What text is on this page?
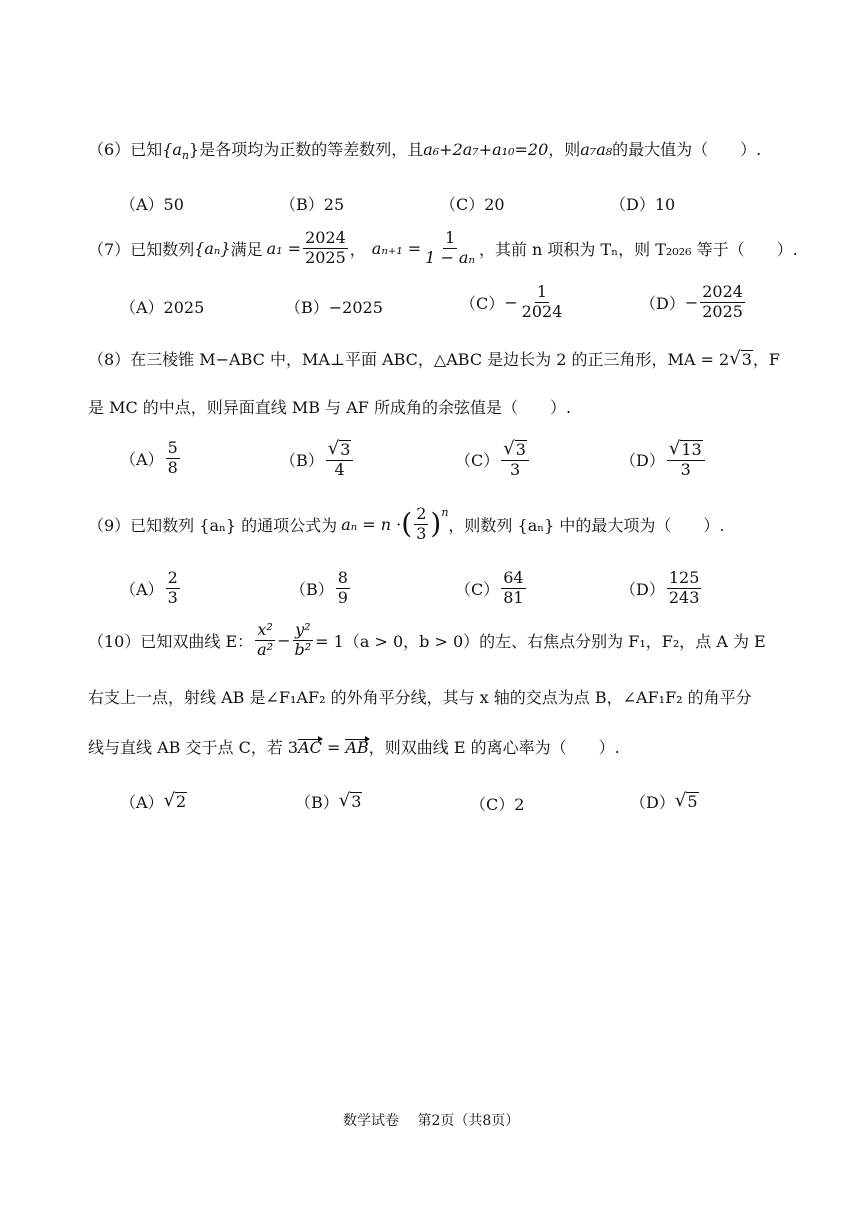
（6）已知$\{a_n\}$是各项均为正数的等差数列，且a₆+2a₇+a₁₀=20，则a₇a₈的最大值为（　　）.
（A）50	（B）25	（C）20	（D）10
（7） 已知数列 {aₙ} 满足 $a_1 = \frac{2024}{2025}$ ， $a_{n+1} = \frac{1}{\text{1 − aₙ}}$ ，其前 n 项积为 Tₙ，则 T₂₀₂₆ 等于（　　）.
（A）2025	（B）−2025	$(C) - \frac{1}{2024}$	$(D) - \frac{2024}{2025}$
（8）在三棱锥 M−ABC 中，MA⊥平面 ABC，△ABC 是边长为 2 的正三角形，MA = 2 √ 3 ，F
是 MC 的中点，则异面直线 MB 与 AF 所成角的余弦值是（　　）.
$(A) \frac{5}{8}$	$(B) \frac{√ 3}{4}$	$(C) \frac{√ 3}{3}$	$(D) \frac{√ 13}{3}$
（9）已知数列 {aₙ} 的通项公式为 aₙ = n · ( $\frac{2}{3} )^n$
，则数列 {aₙ} 中的最大项为（　　）.
$(A) \frac{2}{3}$	$(B) \frac{8}{9}$	$(C) \frac{64}{81}$	$(D) \frac{125}{243}$
（10）已知双曲线 E： $\frac{\text{x²}}{\text{a²}} - \frac{\text{y²}}{\text{b²}} = 1(a > 0$，b > 0）的左、右焦点分别为 F₁，F₂，点 A 为 E
右支上一点，射线 AB 是∠F₁AF₂ 的外角平分线，其与 x 轴的交点为点 B，∠AF₁F₂ 的角平分
线与直线 AB 交于点 C，若 3AC = AB，则双曲线 E 的离心率为（　　）.
（A） √ 2	（B） √ 3	（C）2	（D） √ 5
数学试卷　 第2页（共8页）
